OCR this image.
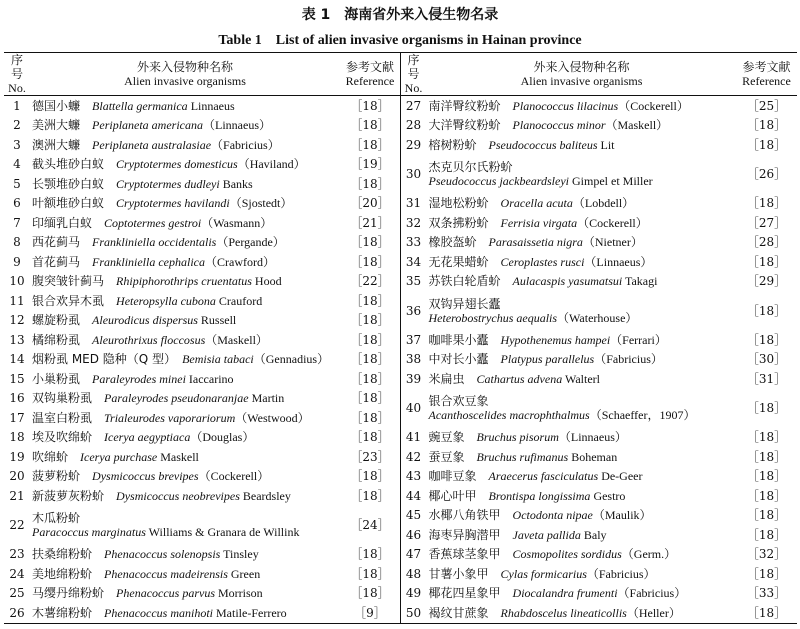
表 1　海南省外来入侵生物名录
Table 1　List of alien invasive organisms in Hainan province
序号
No.

外来入侵物种名称
Alien invasive organisms

参考文献
Reference

1	德国小蠊　 Blattella germanica Linnaeus	［18］
2	美洲大蠊　 Periplaneta americana（Linnaeus）	［18］
3	澳洲大蠊　 Periplaneta australasiae（Fabricius）	［18］
4	截头堆砂白蚁　 Cryptotermes domesticus（Haviland）	［19］
5	长颚堆砂白蚁　 Cryptotermes dudleyi Banks	［18］
6	叶额堆砂白蚁　 Cryptotermes havilandi（Sjostedt）	［20］
7	印缅乳白蚁　 Coptotermes gestroi（Wasmann）	［21］
8	西花蓟马　 Frankliniella occidentalis（Pergande）	［18］
9	首花蓟马　 Frankliniella cephalica（Crawford）	［18］
10	腹突皱针蓟马　 Rhipiphorothrips cruentatus Hood	［22］
11	银合欢异木虱　 Heteropsylla cubona Crauford	［18］
12	螺旋粉虱　 Aleurodicus dispersus Russell	［18］
13	橘绵粉虱　 Aleurothrixus floccosus（Maskell）	［18］
14	烟粉虱 MED 隐种（Q 型）　 Bemisia tabaci（Gennadius）	［18］
15	小巢粉虱　 Paraleyrodes minei Iaccarino	［18］
16	双钩巢粉虱　 Paraleyrodes pseudonaranjae Martin	［18］
17	温室白粉虱　 Trialeurodes vaporariorum（Westwood）	［18］
18	埃及吹绵蚧　 Icerya aegyptiaca（Douglas）	［18］
19	吹绵蚧　 Icerya purchase Maskell	［23］
20	菠萝粉蚧　 Dysmicoccus brevipes（Cockerell）	［18］
21	新菠萝灰粉蚧　 Dysmicoccus neobrevipes Beardsley	［18］
22	木瓜粉蚧
Paracoccus marginatus Williams & Granara de Willink	［24］
23	扶桑绵粉蚧　 Phenacoccus solenopsis Tinsley	［18］
24	美地绵粉蚧　 Phenacoccus madeirensis Green	［18］
25	马缨丹绵粉蚧　 Phenacoccus parvus Morrison	［18］
26	木薯绵粉蚧　 Phenacoccus manihoti Matile-Ferrero	［9］

序号
No.

外来入侵物种名称
Alien invasive organisms

参考文献
Reference

27	南洋臀纹粉蚧　 Planococcus lilacinus（Cockerell）	［25］
28	大洋臀纹粉蚧　 Planococcus minor（Maskell）	［18］
29	榕树粉蚧　 Pseudococcus baliteus Lit	［18］
30	杰克贝尔氏粉蚧
Pseudococcus jackbeardsleyi Gimpel et Miller	［26］
31	湿地松粉蚧　 Oracella acuta（Lobdell）	［18］
32	双条拂粉蚧　 Ferrisia virgata（Cockerell）	［27］
33	橡胶盔蚧　 Parasaissetia nigra（Nietner）	［28］
34	无花果蜡蚧　 Ceroplastes rusci（Linnaeus）	［18］
35	苏铁白轮盾蚧　 Aulacaspis yasumatsui Takagi	［29］
36	双钩异翅长蠹
Heterobostrychus aequalis（Waterhouse）	［18］
37	咖啡果小蠹　 Hypothenemus hampei（Ferrari）	［18］
38	中对长小蠹　 Platypus parallelus（Fabricius）	［30］
39	米扁虫　 Cathartus advena Walterl	［31］
40	银合欢豆象
Acanthoscelides macrophthalmus（Schaeffer，1907）	［18］
41	豌豆象　 Bruchus pisorum（Linnaeus）	［18］
42	蚕豆象　 Bruchus rufimanus Boheman	［18］
43	咖啡豆象　 Araecerus fasciculatus De-Geer	［18］
44	椰心叶甲　 Brontispa longissima Gestro	［18］
45	水椰八角铁甲　 Octodonta nipae（Maulik）	［18］
46	海枣异胸潜甲　 Javeta pallida Baly	［18］
47	香蕉球茎象甲　 Cosmopolites sordidus（Germ.）	［32］
48	甘薯小象甲　 Cylas formicarius（Fabricius）	［18］
49	椰花四星象甲　 Diocalandra frumenti（Fabricius）	［33］
50	褐纹甘蔗象　 Rhabdoscelus lineaticollis（Heller）	［18］
